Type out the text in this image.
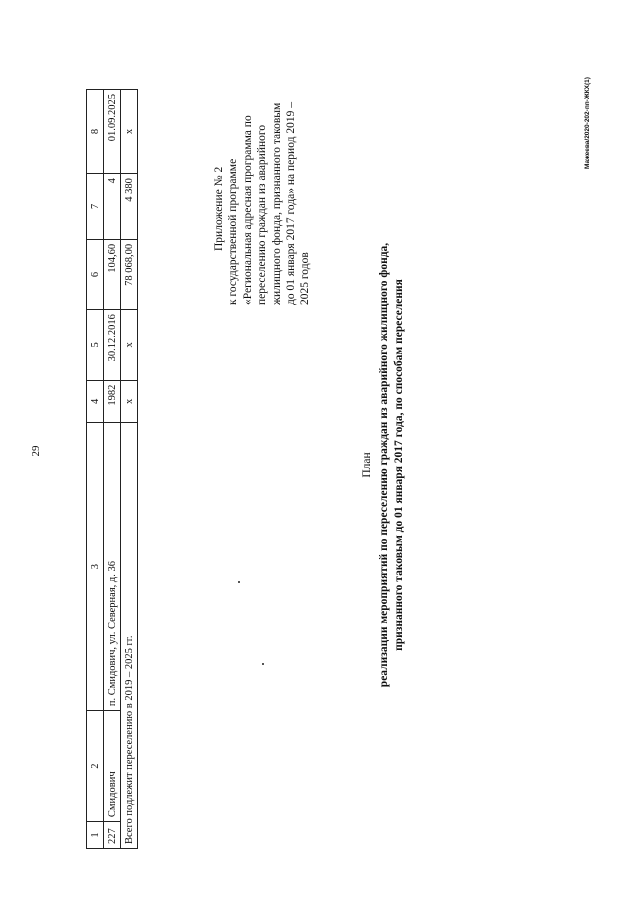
29
1	2	3	4	5	6	7	8
227	Смидович	п. Смидович, ул. Северная, д. 36	1982	30.12.2016	104,60	4	01.09.2025
Всего подлежит переселению в 2019 – 2025 гг.			х	х	78 068,00	4 380	х
Приложение № 2 к государственной программе «Региональная адресная программа по переселению граждан из аварийного жилищного фонда, признанного таковым до 01 января 2017 года» на период 2019 – 2025 годов
План реализации мероприятий по переселению граждан из аварийного жилищного фонда, признанного таковым до 01 января 2017 года, по способам переселения
Мажеева/2020-202-пп-ЖКХ(1)
